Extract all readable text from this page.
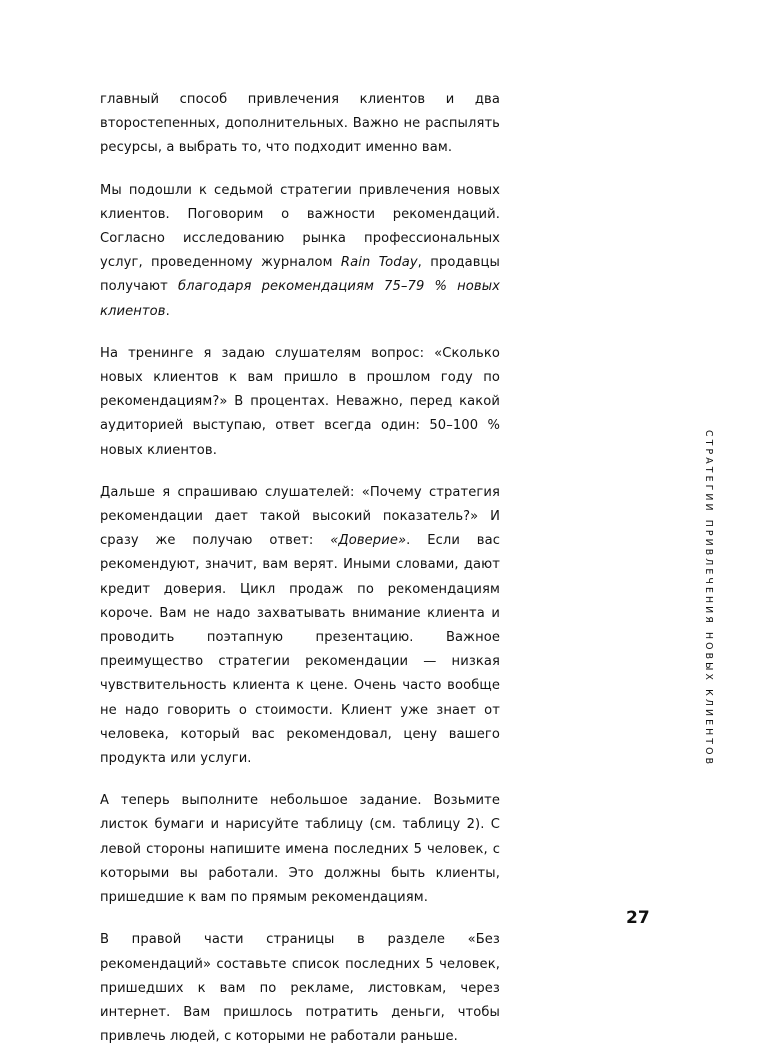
главный способ привлечения клиентов и два второстепенных, дополнительных. Важно не распылять ресурсы, а выбрать то, что подходит именно вам.

Мы подошли к седьмой стратегии привлечения новых клиентов. Поговорим о важности рекомендаций. Согласно исследованию рынка профессиональных услуг, проведенному журналом Rain Today, продавцы получают благодаря рекомендациям 75–79 % новых клиентов.

На тренинге я задаю слушателям вопрос: «Сколько новых клиентов к вам пришло в прошлом году по рекомендациям?» В процентах. Неважно, перед какой аудиторией выступаю, ответ всегда один: 50–100 % новых клиентов.

Дальше я спрашиваю слушателей: «Почему стратегия рекомендации дает такой высокий показатель?» И сразу же получаю ответ: «Доверие». Если вас рекомендуют, значит, вам верят. Иными словами, дают кредит доверия. Цикл продаж по рекомендациям короче. Вам не надо захватывать внимание клиента и проводить поэтапную презентацию. Важное преимущество стратегии рекомендации — низкая чувствительность клиента к цене. Очень часто вообще не надо говорить о стоимости. Клиент уже знает от человека, который вас рекомендовал, цену вашего продукта или услуги.

А теперь выполните небольшое задание. Возьмите листок бумаги и нарисуйте таблицу (см. таблицу 2). С левой стороны напишите имена последних 5 человек, с которыми вы работали. Это должны быть клиенты, пришедшие к вам по прямым рекомендациям.

В правой части страницы в разделе «Без рекомендаций» составьте список последних 5 человек, пришедших к вам по рекламе, листовкам, через интернет. Вам пришлось потратить деньги, чтобы привлечь людей, с которыми не работали раньше.

СТРАТЕГИИ ПРИВЛЕЧЕНИЯ НОВЫХ КЛИЕНТОВ
27
